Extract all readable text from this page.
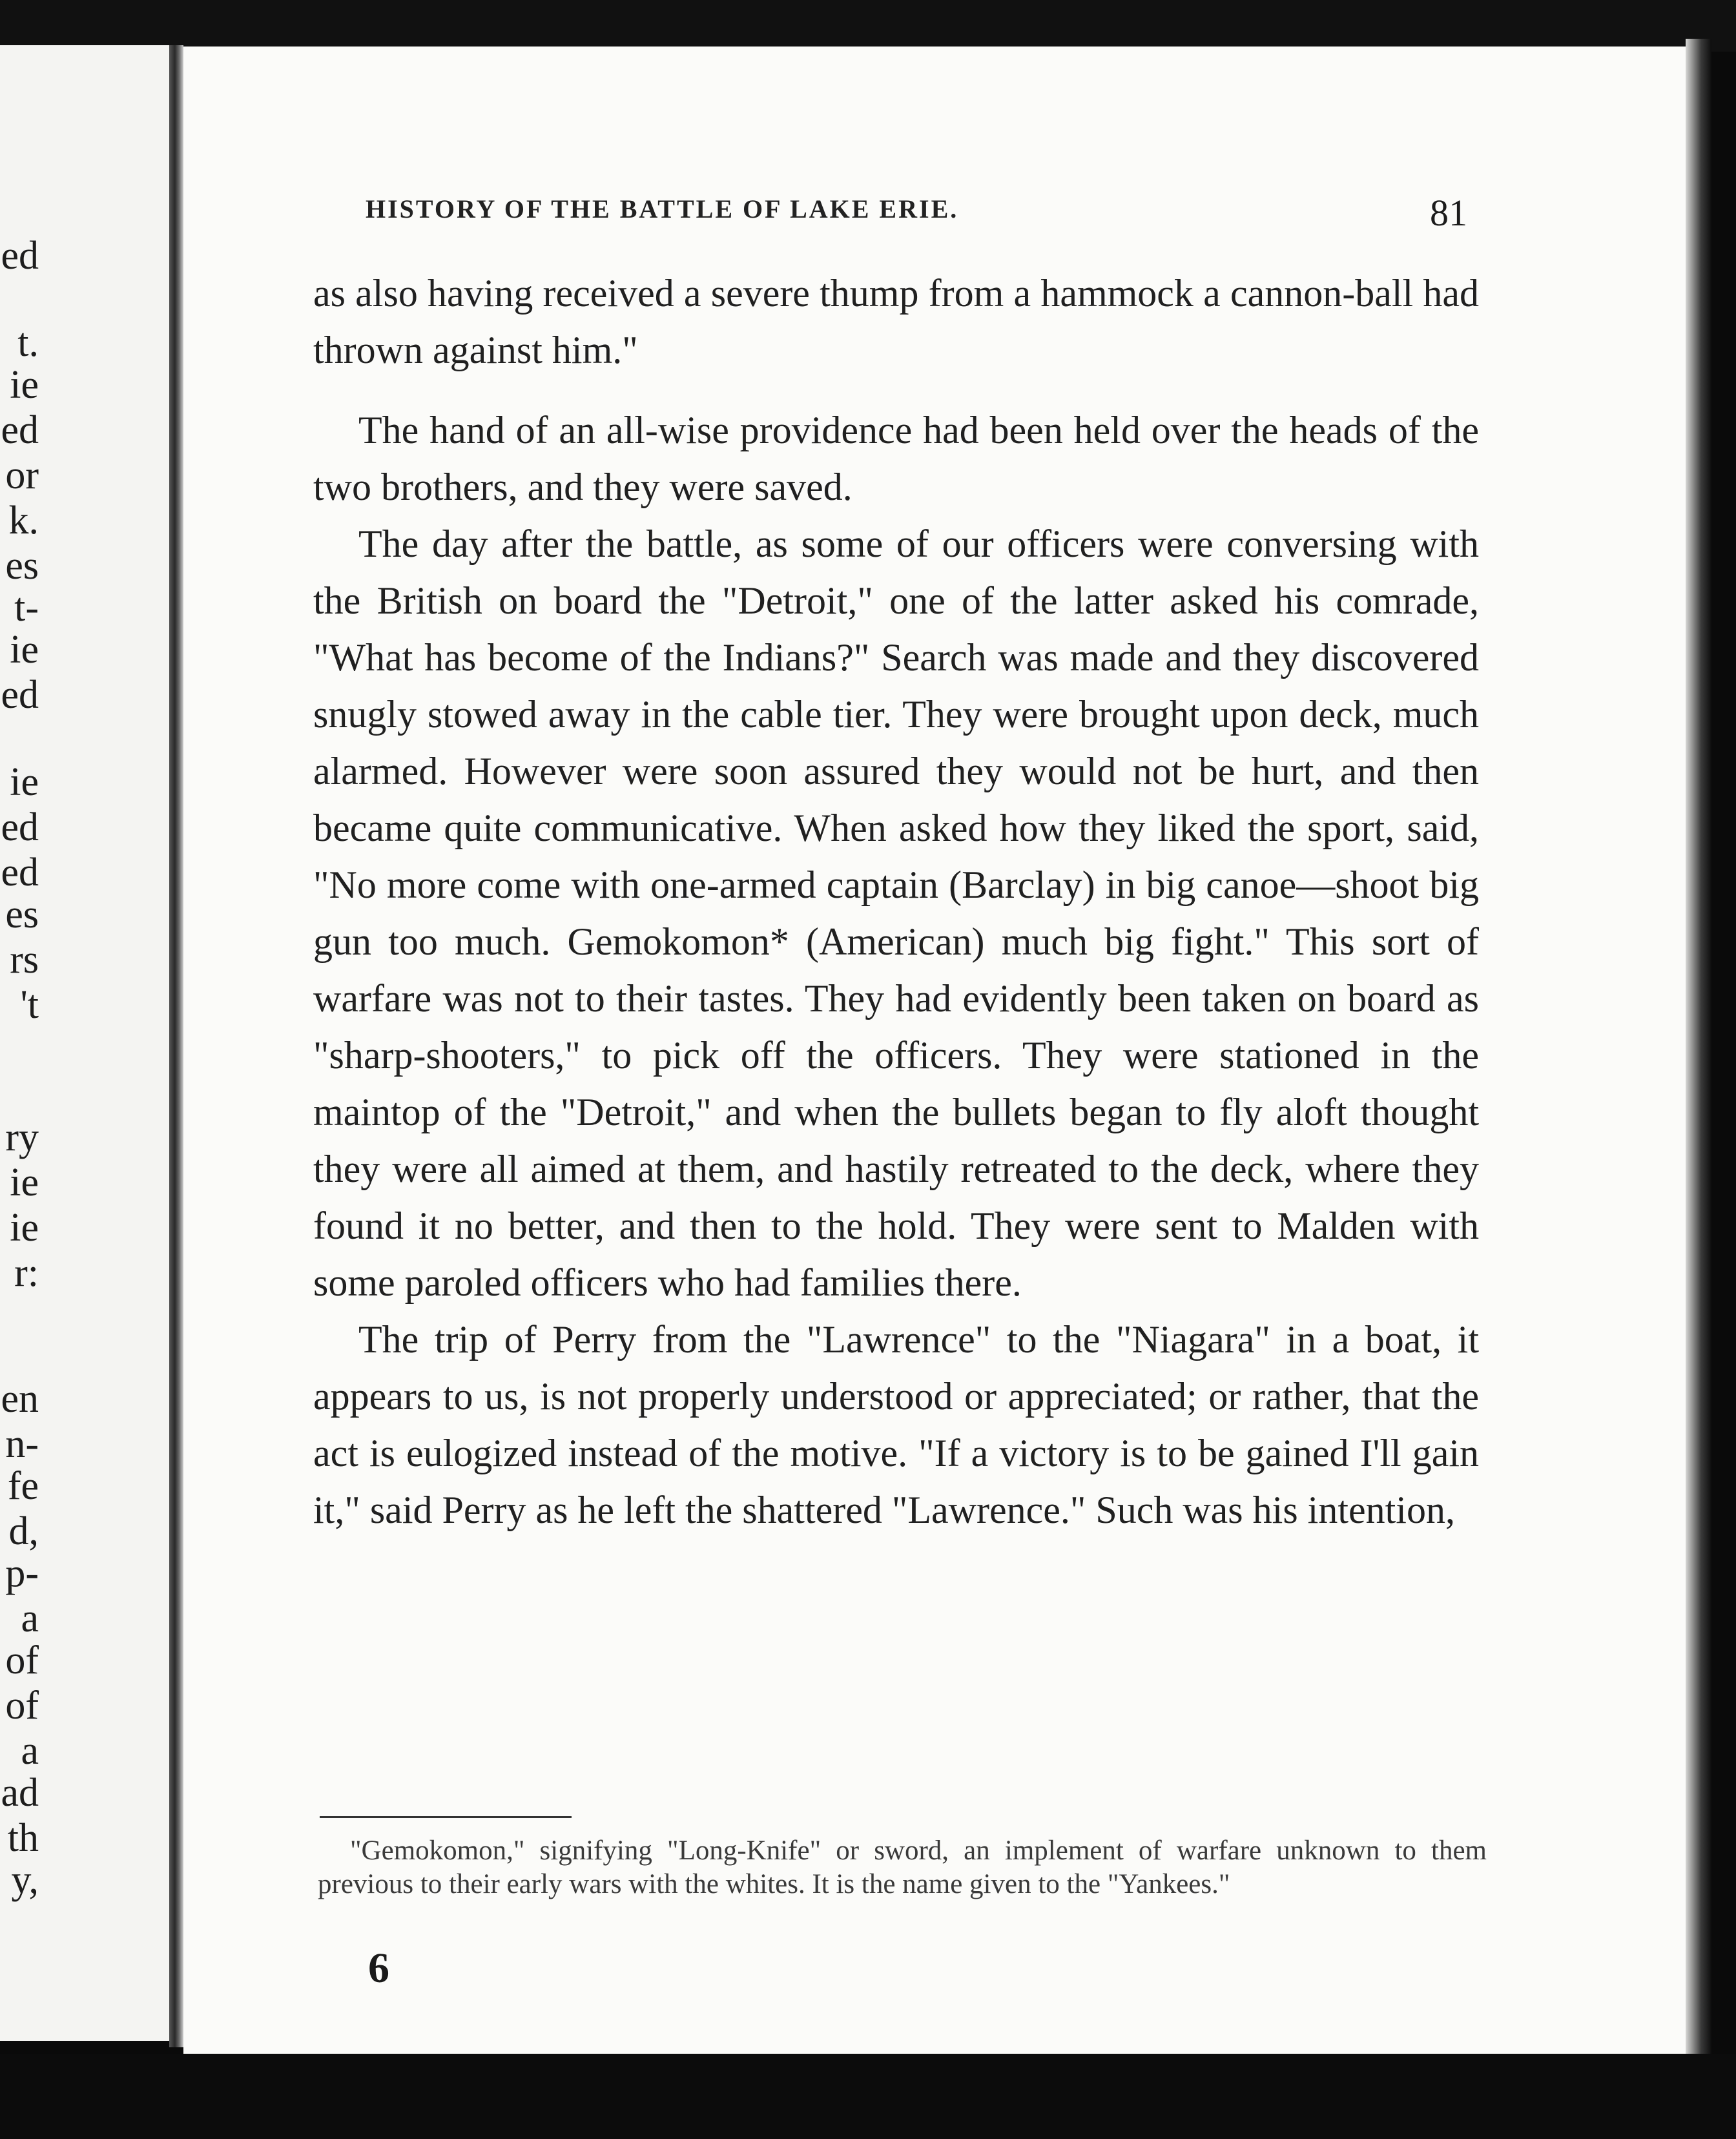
ed
t.
ie
ed
or
k.
es
t-
ie
ed
ie
ed
ed
es
rs
't
ry
ie
ie
r:
en
n-
fe
d,
p-
a
of
of
a
ad
th
y,
HISTORY OF THE BATTLE OF LAKE ERIE.	81

as also having received a severe thump from a hammock a cannon-ball had thrown against him."

The hand of an all-wise providence had been held over the heads of the two brothers, and they were saved.

The day after the battle, as some of our officers were conversing with the British on board the "Detroit," one of the latter asked his comrade, "What has become of the Indians?" Search was made and they discovered snugly stowed away in the cable tier. They were brought upon deck, much alarmed. However were soon assured they would not be hurt, and then became quite communicative. When asked how they liked the sport, said, "No more come with one-armed captain (Barclay) in big canoe—shoot big gun too much. Gemokomon* (American) much big fight." This sort of warfare was not to their tastes. They had evidently been taken on board as "sharp-shooters," to pick off the officers. They were stationed in the maintop of the "Detroit," and when the bullets began to fly aloft thought they were all aimed at them, and hastily retreated to the deck, where they found it no better, and then to the hold. They were sent to Malden with some paroled officers who had families there.

The trip of Perry from the "Lawrence" to the "Niagara" in a boat, it appears to us, is not properly understood or appreciated; or rather, that the act is eulogized instead of the motive. "If a victory is to be gained I'll gain it," said Perry as he left the shattered "Lawrence." Such was his intention,

"Gemokomon," signifying "Long-Knife" or sword, an implement of warfare unknown to them previous to their early wars with the whites. It is the name given to the "Yankees."
6
